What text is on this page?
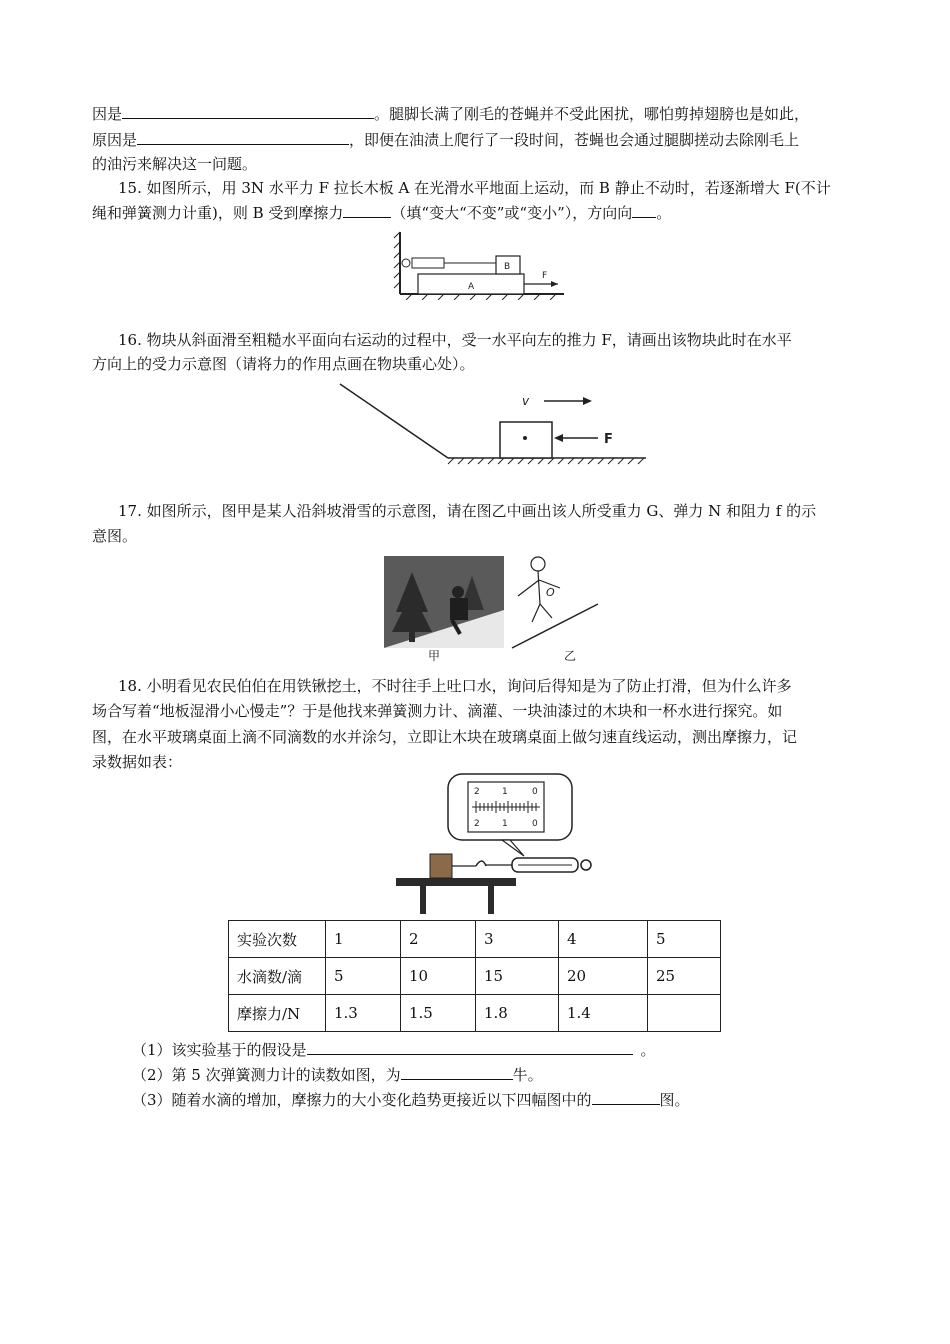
因是	。腿脚长满了刚毛的苍蝇并不受此困扰，哪怕剪掉翅膀也是如此，
原因是	，即便在油渍上爬行了一段时间，苍蝇也会通过腿脚搓动去除刚毛上
的油污来解决这一问题。
15. 如图所示，用 3N 水平力 F 拉长木板 A 在光滑水平地面上运动，而 B 静止不动时，若逐渐增大 F(不计
绳和弹簧测力计重)，则 B 受到摩擦力	（填“变大“不变”或“变小”），方向向 。
A
B
F
16. 物块从斜面滑至粗糙水平面向右运动的过程中，受一水平向左的推力 F，请画出该物块此时在水平
方向上的受力示意图（请将力的作用点画在物块重心处）。
v
F
17. 如图所示，图甲是某人沿斜坡滑雪的示意图，请在图乙中画出该人所受重力 G、弹力 N 和阻力 f 的示
意图。
甲
O
乙
18. 小明看见农民伯伯在用铁锹挖土，不时往手上吐口水，询问后得知是为了防止打滑，但为什么许多
场合写着“地板湿滑小心慢走”？于是他找来弹簧测力计、滴灌、一块油漆过的木块和一杯水进行探究。如
图，在水平玻璃桌面上滴不同滴数的水并涂匀，立即让木块在玻璃桌面上做匀速直线运动，测出摩擦力，记
录数据如表：
2 1	0
2 1	0
实验次数	1	2	3	4	5
水滴数/滴	5	10	15	20	25
摩擦力/N	1.3	1.5	1.8	1.4	
（1）该实验基于的假设是	。
（2）第 5 次弹簧测力计的读数如图，为	牛。
（3）随着水滴的增加，摩擦力的大小变化趋势更接近以下四幅图中的	图。
